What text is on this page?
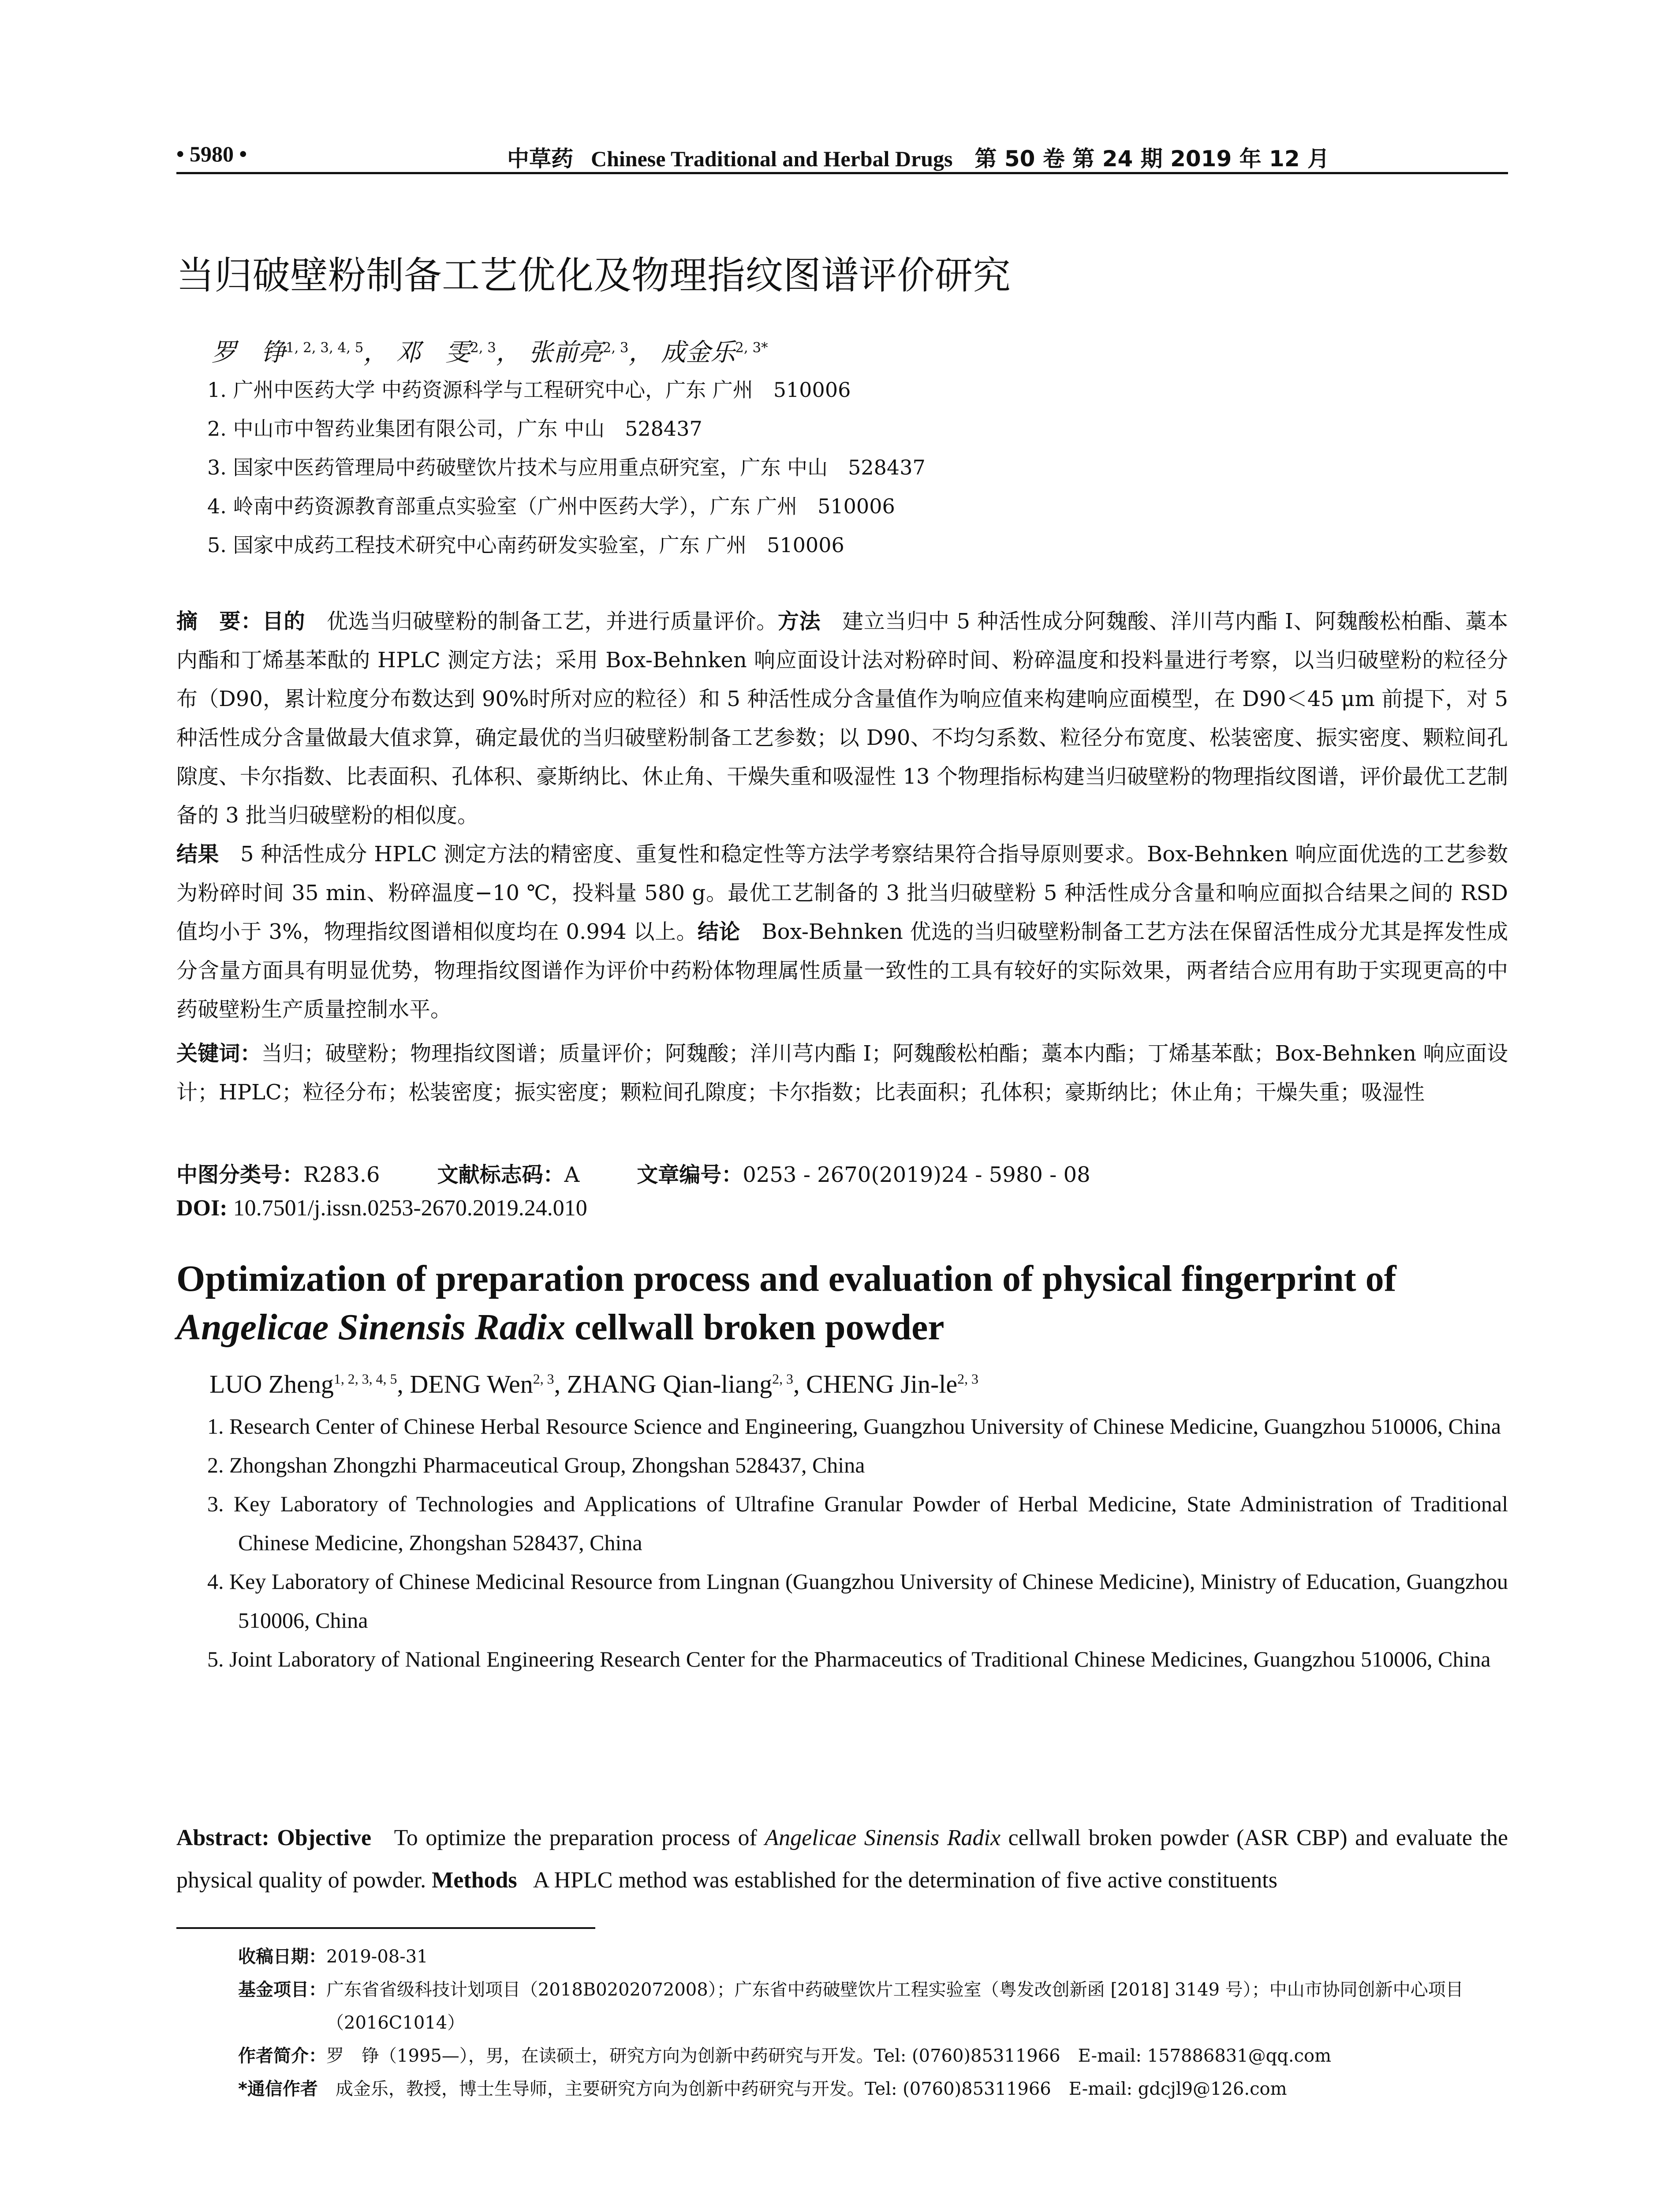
• 5980 •	中草药 Chinese Traditional and Herbal Drugs 第 50 卷 第 24 期 2019 年 12 月
当归破壁粉制备工艺优化及物理指纹图谱评价研究
罗　铮$^{1, 2, 3, 4, 5}$， 邓　雯$^{2, 3}$， 张前亮$^{2, 3}$， 成金乐$^{2, 3*}$
1. 广州中医药大学 中药资源科学与工程研究中心，广东 广州　510006
2. 中山市中智药业集团有限公司，广东 中山　528437
3. 国家中医药管理局中药破壁饮片技术与应用重点研究室，广东 中山　528437
4. 岭南中药资源教育部重点实验室（广州中医药大学），广东 广州　510006
5. 国家中成药工程技术研究中心南药研发实验室，广东 广州　510006
摘　要：目的　 优选当归破壁粉的制备工艺，并进行质量评价。方法　 建立当归中 5 种活性成分阿魏酸、洋川芎内酯 I、阿魏酸松柏酯、藁本内酯和丁烯基苯酞的 HPLC 测定方法；采用 Box-Behnken 响应面设计法对粉碎时间、粉碎温度和投料量进行考察，以当归破壁粉的粒径分布（D90，累计粒度分布数达到 90%时所对应的粒径）和 5 种活性成分含量值作为响应值来构建响应面模型，在 D90＜45 μm 前提下，对 5 种活性成分含量做最大值求算，确定最优的当归破壁粉制备工艺参数；以 D90、不均匀系数、粒径分布宽度、松装密度、振实密度、颗粒间孔隙度、卡尔指数、比表面积、孔体积、豪斯纳比、休止角、干燥失重和吸湿性 13 个物理指标构建当归破壁粉的物理指纹图谱，评价最优工艺制备的 3 批当归破壁粉的相似度。
结果　 5 种活性成分 HPLC 测定方法的精密度、重复性和稳定性等方法学考察结果符合指导原则要求。Box-Behnken 响应面优选的工艺参数为粉碎时间 35 min、粉碎温度−10 ℃，投料量 580 g。最优工艺制备的 3 批当归破壁粉 5 种活性成分含量和响应面拟合结果之间的 RSD 值均小于 3%，物理指纹图谱相似度均在 0.994 以上。结论　 Box-Behnken 优选的当归破壁粉制备工艺方法在保留活性成分尤其是挥发性成分含量方面具有明显优势，物理指纹图谱作为评价中药粉体物理属性质量一致性的工具有较好的实际效果，两者结合应用有助于实现更高的中药破壁粉生产质量控制水平。
关键词：当归；破壁粉；物理指纹图谱；质量评价；阿魏酸；洋川芎内酯 I；阿魏酸松柏酯；藁本内酯；丁烯基苯酞；Box-Behnken 响应面设计；HPLC；粒径分布；松装密度；振实密度；颗粒间孔隙度；卡尔指数；比表面积；孔体积；豪斯纳比；休止角；干燥失重；吸湿性
中图分类号：R283.6	文献标志码：A	文章编号：0253 - 2670(2019)24 - 5980 - 08
DOI: 10.7501/j.issn.0253-2670.2019.24.010
Optimization of preparation process and evaluation of physical fingerprint of
Angelicae Sinensis Radix cellwall broken powder
LUO Zheng$^{1, 2, 3, 4, 5}$, DENG Wen$^{2, 3}$, ZHANG Qian-liang$^{2, 3}$, CHENG Jin-le$^{2, 3}$
1. Research Center of Chinese Herbal Resource Science and Engineering, Guangzhou University of Chinese Medicine, Guangzhou 510006, China
2. Zhongshan Zhongzhi Pharmaceutical Group, Zhongshan 528437, China
3. Key Laboratory of Technologies and Applications of Ultrafine Granular Powder of Herbal Medicine, State Administration of Traditional Chinese Medicine, Zhongshan 528437, China
4. Key Laboratory of Chinese Medicinal Resource from Lingnan (Guangzhou University of Chinese Medicine), Ministry of Education, Guangzhou 510006, China
5. Joint Laboratory of National Engineering Research Center for the Pharmaceutics of Traditional Chinese Medicines, Guangzhou 510006, China
Abstract: Objective To optimize the preparation process of Angelicae Sinensis Radix cellwall broken powder (ASR CBP) and evaluate the physical quality of powder. Methods A HPLC method was established for the determination of five active constituents
收稿日期： 2019-08-31
基金项目： 广东省省级科技计划项目（2018B0202072008）；广东省中药破壁饮片工程实验室（粤发改创新函 [2018] 3149 号）；中山市协同创新中心项目（2016C1014）
作者简介： 罗　铮（1995—），男，在读硕士，研究方向为创新中药研究与开发。Tel: (0760)85311966　E-mail: 157886831@qq.com
*通信作者　 成金乐，教授，博士生导师，主要研究方向为创新中药研究与开发。Tel: (0760)85311966　E-mail: gdcjl9@126.com
